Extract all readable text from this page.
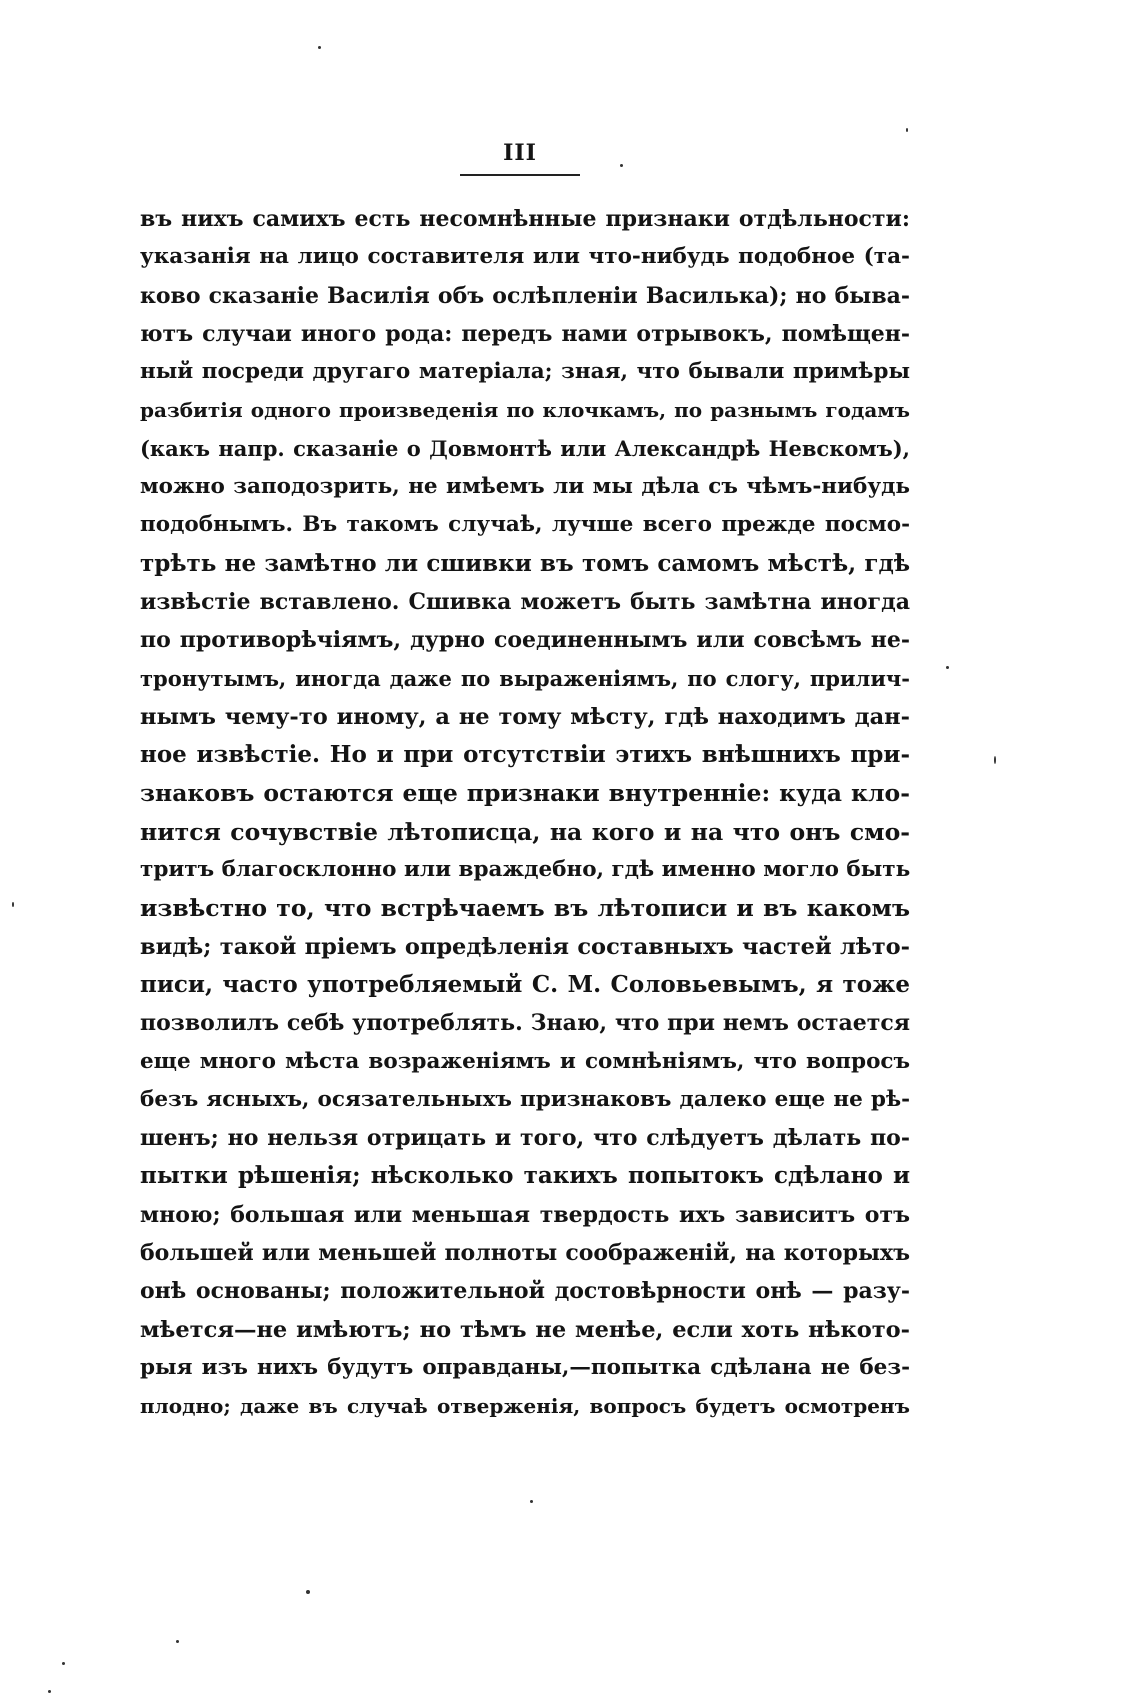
III
въ нихъ самихъ есть несомнѣнные признаки отдѣльности:
указанія на лицо составителя или что-нибудь подобное (та-
ково сказаніе Василія объ ослѣпленіи Василька); но быва-
ютъ случаи иного рода: передъ нами отрывокъ, помѣщен-
ный посреди другаго матеріала; зная, что бывали примѣры
разбитія одного произведенія по клочкамъ, по разнымъ годамъ
(какъ напр. сказаніе о Довмонтѣ или Александрѣ Невскомъ),
можно заподозрить, не имѣемъ ли мы дѣла съ чѣмъ-нибудь
подобнымъ. Въ такомъ случаѣ, лучше всего прежде посмо-
трѣть не замѣтно ли сшивки въ томъ самомъ мѣстѣ, гдѣ
извѣстіе вставлено. Сшивка можетъ быть замѣтна иногда
по противорѣчіямъ, дурно соединеннымъ или совсѣмъ не-
тронутымъ, иногда даже по выраженіямъ, по слогу, прилич-
нымъ чему-то иному, а не тому мѣсту, гдѣ находимъ дан-
ное извѣстіе. Но и при отсутствіи этихъ внѣшнихъ при-
знаковъ остаются еще признаки внутренніе: куда кло-
нится сочувствіе лѣтописца, на кого и на что онъ смо-
тритъ благосклонно или враждебно, гдѣ именно могло быть
извѣстно то, что встрѣчаемъ въ лѣтописи и въ какомъ
видѣ; такой пріемъ опредѣленія составныхъ частей лѣто-
писи, часто употребляемый С. М. Соловьевымъ, я тоже
позволилъ себѣ употреблять. Знаю, что при немъ остается
еще много мѣста возраженіямъ и сомнѣніямъ, что вопросъ
безъ ясныхъ, осязательныхъ признаковъ далеко еще не рѣ-
шенъ; но нельзя отрицать и того, что слѣдуетъ дѣлать по-
пытки рѣшенія; нѣсколько такихъ попытокъ сдѣлано и
мною; большая или меньшая твердость ихъ зависитъ отъ
большей или меньшей полноты соображеній, на которыхъ
онѣ основаны; положительной достовѣрности онѣ — разу-
мѣется—не имѣютъ; но тѣмъ не менѣе, если хоть нѣкото-
рыя изъ нихъ будутъ оправданы,—попытка сдѣлана не без-
плодно; даже въ случаѣ отверженія, вопросъ будетъ осмотренъ
